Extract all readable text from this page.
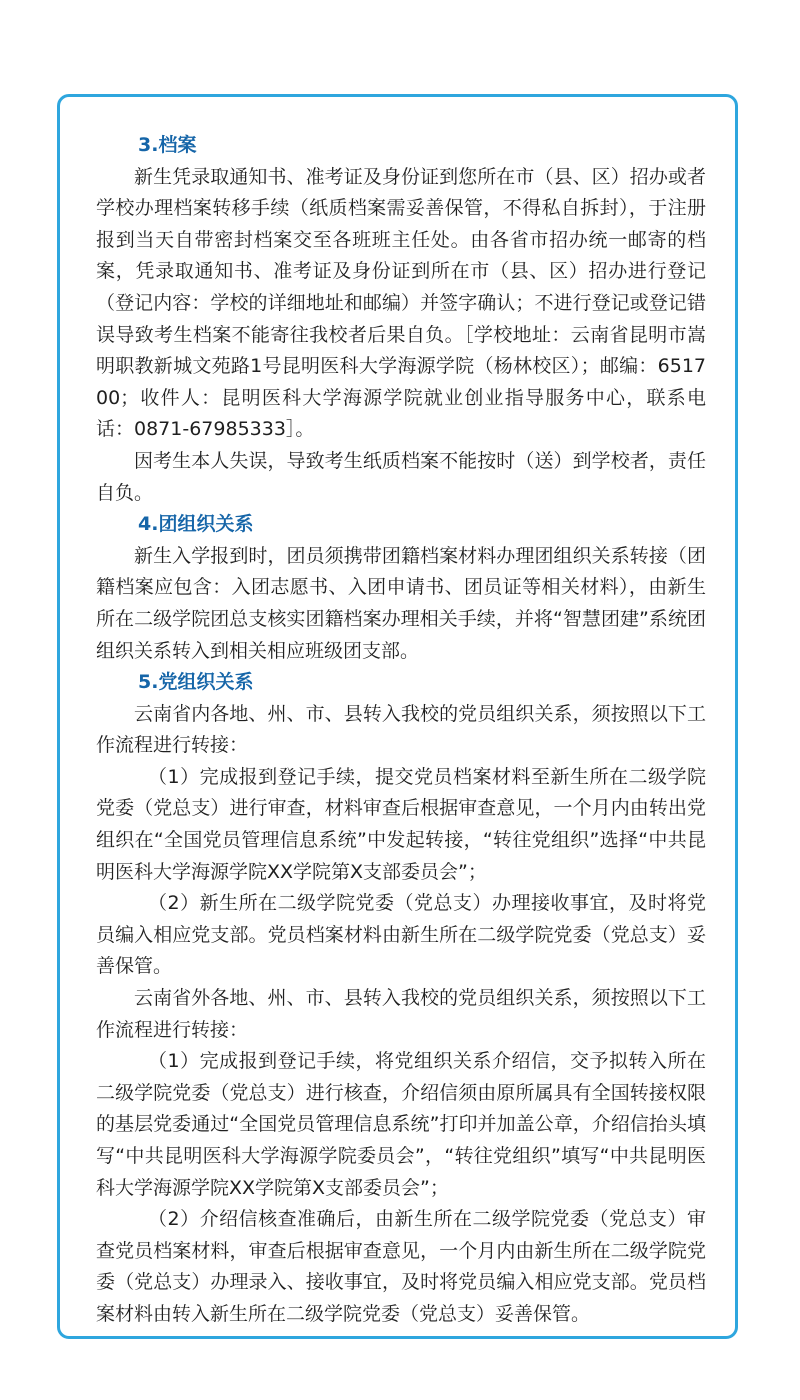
3.档案

新生凭录取通知书、准考证及身份证到您所在市（县、区）招办或者学校办理档案转移手续（纸质档案需妥善保管，不得私自拆封），于注册报到当天自带密封档案交至各班班主任处。由各省市招办统一邮寄的档案，凭录取通知书、准考证及身份证到所在市（县、区）招办进行登记（登记内容：学校的详细地址和邮编）并签字确认；不进行登记或登记错误导致考生档案不能寄往我校者后果自负。［学校地址：云南省昆明市嵩明职教新城文苑路1号昆明医科大学海源学院（杨林校区）；邮编：651700；收件人：昆明医科大学海源学院就业创业指导服务中心，联系电话：0871-67985333］。

因考生本人失误，导致考生纸质档案不能按时（送）到学校者，责任自负。

4.团组织关系

新生入学报到时，团员须携带团籍档案材料办理团组织关系转接（团籍档案应包含：入团志愿书、入团申请书、团员证等相关材料），由新生所在二级学院团总支核实团籍档案办理相关手续，并将“智慧团建”系统团组织关系转入到相关相应班级团支部。

5.党组织关系

云南省内各地、州、市、县转入我校的党员组织关系，须按照以下工作流程进行转接：

（1）完成报到登记手续，提交党员档案材料至新生所在二级学院党委（党总支）进行审查，材料审查后根据审查意见，一个月内由转出党组织在“全国党员管理信息系统”中发起转接，“转往党组织”选择“中共昆明医科大学海源学院XX学院第X支部委员会”；

（2）新生所在二级学院党委（党总支）办理接收事宜，及时将党员编入相应党支部。党员档案材料由新生所在二级学院党委（党总支）妥善保管。

云南省外各地、州、市、县转入我校的党员组织关系，须按照以下工作流程进行转接：

（1）完成报到登记手续，将党组织关系介绍信，交予拟转入所在二级学院党委（党总支）进行核查，介绍信须由原所属具有全国转接权限的基层党委通过“全国党员管理信息系统”打印并加盖公章，介绍信抬头填写“中共昆明医科大学海源学院委员会”，“转往党组织”填写“中共昆明医科大学海源学院XX学院第X支部委员会”；

（2）介绍信核查准确后，由新生所在二级学院党委（党总支）审查党员档案材料，审查后根据审查意见，一个月内由新生所在二级学院党委（党总支）办理录入、接收事宜，及时将党员编入相应党支部。党员档案材料由转入新生所在二级学院党委（党总支）妥善保管。
